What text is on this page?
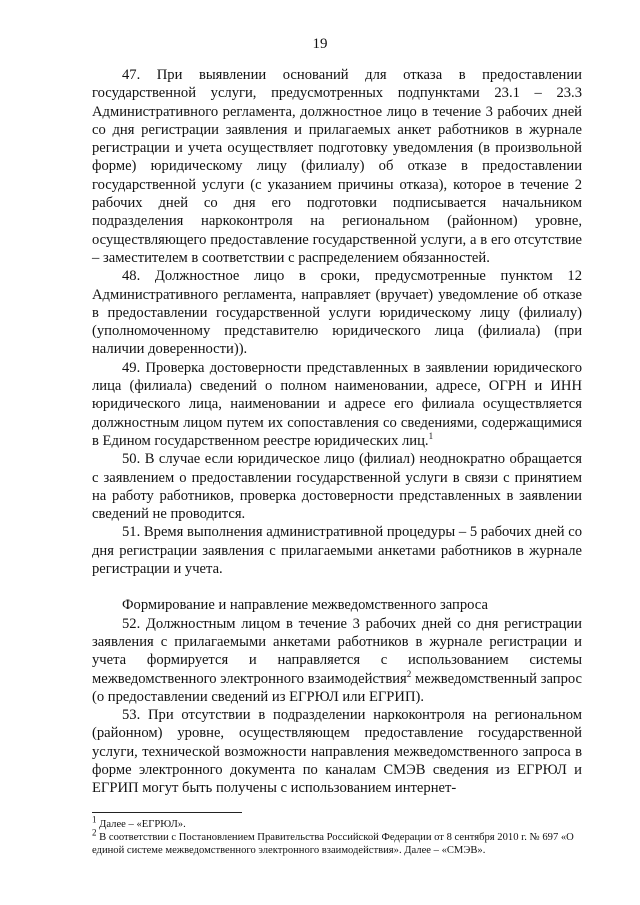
19

47. При выявлении оснований для отказа в предоставлении государственной услуги, предусмотренных подпунктами 23.1 – 23.3 Административного регламента, должностное лицо в течение 3 рабочих дней со дня регистрации заявления и прилагаемых анкет работников в журнале регистрации и учета осуществляет подготовку уведомления (в произвольной форме) юридическому лицу (филиалу) об отказе в предоставлении государственной услуги (с указанием причины отказа), которое в течение 2 рабочих дней со дня его подготовки подписывается начальником подразделения наркоконтроля на региональном (районном) уровне, осуществляющего предоставление государственной услуги, а в его отсутствие – заместителем в соответствии с распределением обязанностей.

48. Должностное лицо в сроки, предусмотренные пунктом 12 Административного регламента, направляет (вручает) уведомление об отказе в предоставлении государственной услуги юридическому лицу (филиалу) (уполномоченному представителю юридического лица (филиала) (при наличии доверенности)).

49. Проверка достоверности представленных в заявлении юридического лица (филиала) сведений о полном наименовании, адресе, ОГРН и ИНН юридического лица, наименовании и адресе его филиала осуществляется должностным лицом путем их сопоставления со сведениями, содержащимися в Едином государственном реестре юридических лиц.$^1$

50. В случае если юридическое лицо (филиал) неоднократно обращается с заявлением о предоставлении государственной услуги в связи с принятием на работу работников, проверка достоверности представленных в заявлении сведений не проводится.

51. Время выполнения административной процедуры – 5 рабочих дней со дня регистрации заявления с прилагаемыми анкетами работников в журнале регистрации и учета.

Формирование и направление межведомственного запроса

52. Должностным лицом в течение 3 рабочих дней со дня регистрации заявления с прилагаемыми анкетами работников в журнале регистрации и учета формируется и направляется с использованием системы межведомственного электронного взаимодействия$^2$ межведомственный запрос (о предоставлении сведений из ЕГРЮЛ или ЕГРИП).

53. При отсутствии в подразделении наркоконтроля на региональном (районном) уровне, осуществляющем предоставление государственной услуги, технической возможности направления межведомственного запроса в форме электронного документа по каналам СМЭВ сведения из ЕГРЮЛ и ЕГРИП могут быть получены с использованием интернет-

$^1$ Далее – «ЕГРЮЛ».

$^2$ В соответствии с Постановлением Правительства Российской Федерации от 8 сентября 2010 г. № 697 «О единой системе межведомственного электронного взаимодействия». Далее – «СМЭВ».
